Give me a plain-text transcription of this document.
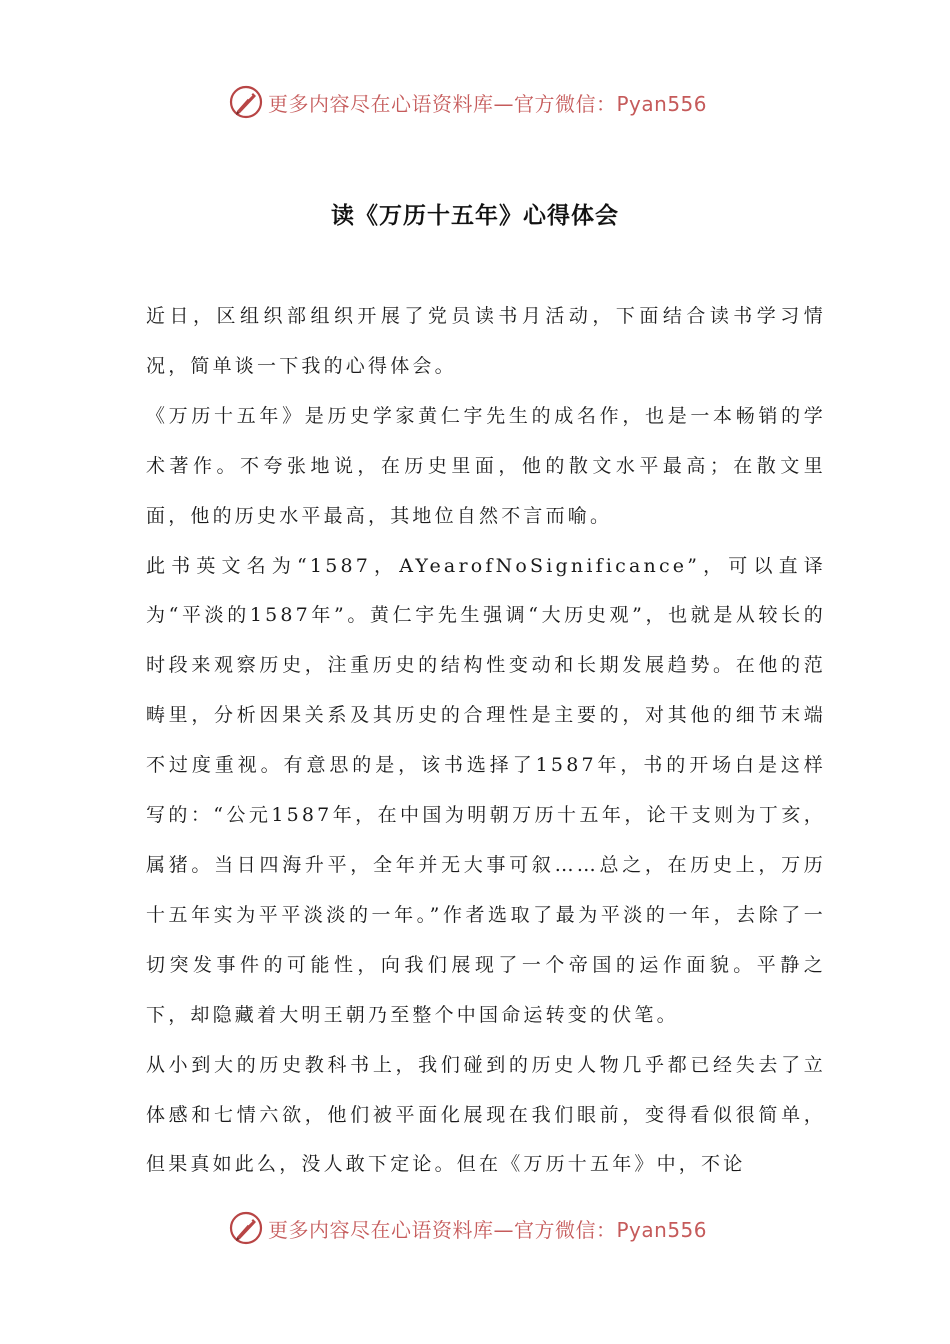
更多内容尽在心语资料库—官方微信：Pyan556
读《万历十五年》心得体会

近日，区组织部组织开展了党员读书月活动，下面结合读书学习情况，简单谈一下我的心得体会。

《万历十五年》是历史学家黄仁宇先生的成名作，也是一本畅销的学术著作。不夸张地说，在历史里面，他的散文水平最高；在散文里面，他的历史水平最高，其地位自然不言而喻。

此书英文名为“1587，AYearofNoSignificance”，可以直译为“平淡的1587年”。黄仁宇先生强调“大历史观”，也就是从较长的时段来观察历史，注重历史的结构性变动和长期发展趋势。在他的范畴里，分析因果关系及其历史的合理性是主要的，对其他的细节末端不过度重视。有意思的是，该书选择了1587年，书的开场白是这样写的：“公元1587年，在中国为明朝万历十五年，论干支则为丁亥，属猪。当日四海升平，全年并无大事可叙……总之，在历史上，万历十五年实为平平淡淡的一年。”作者选取了最为平淡的一年，去除了一切突发事件的可能性，向我们展现了一个帝国的运作面貌。平静之下，却隐藏着大明王朝乃至整个中国命运转变的伏笔。

从小到大的历史教科书上，我们碰到的历史人物几乎都已经失去了立体感和七情六欲，他们被平面化展现在我们眼前，变得看似很简单，但果真如此么，没人敢下定论。但在《万历十五年》中，不论

更多内容尽在心语资料库—官方微信：Pyan556
